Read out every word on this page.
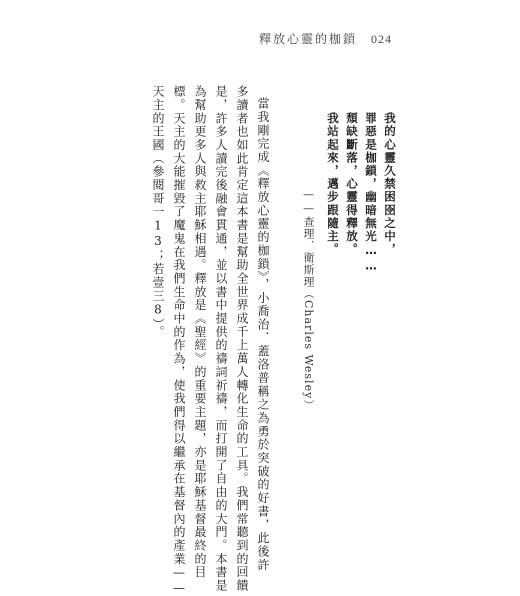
釋放心靈的枷鎖 024
我的心靈久禁困囹之中，
罪惡是枷鎖，幽暗無光……
頹缺斷落，心靈得釋放。
我站起來，邁步跟隨主。
——查理．衛斯理（Charles Wesley）
當我剛完成《釋放心靈的枷鎖》，小喬治．蓋洛普稱之為勇於突破的好書，此後許
多讀者也如此肯定這本書是幫助全世界成千上萬人轉化生命的工具。我們常聽到的回饋
是，許多人讀完後融會貫通，並以書中提供的禱詞祈禱，而打開了自由的大門。本書是
為幫助更多人與救主耶穌相遇。釋放是《聖經》的重要主題，亦是耶穌基督最終的目
標。天主的大能摧毀了魔鬼在我們生命中的作為，使我們得以繼承在基督內的產業——
天主的王國（參閱哥一13；若壹三8）。
